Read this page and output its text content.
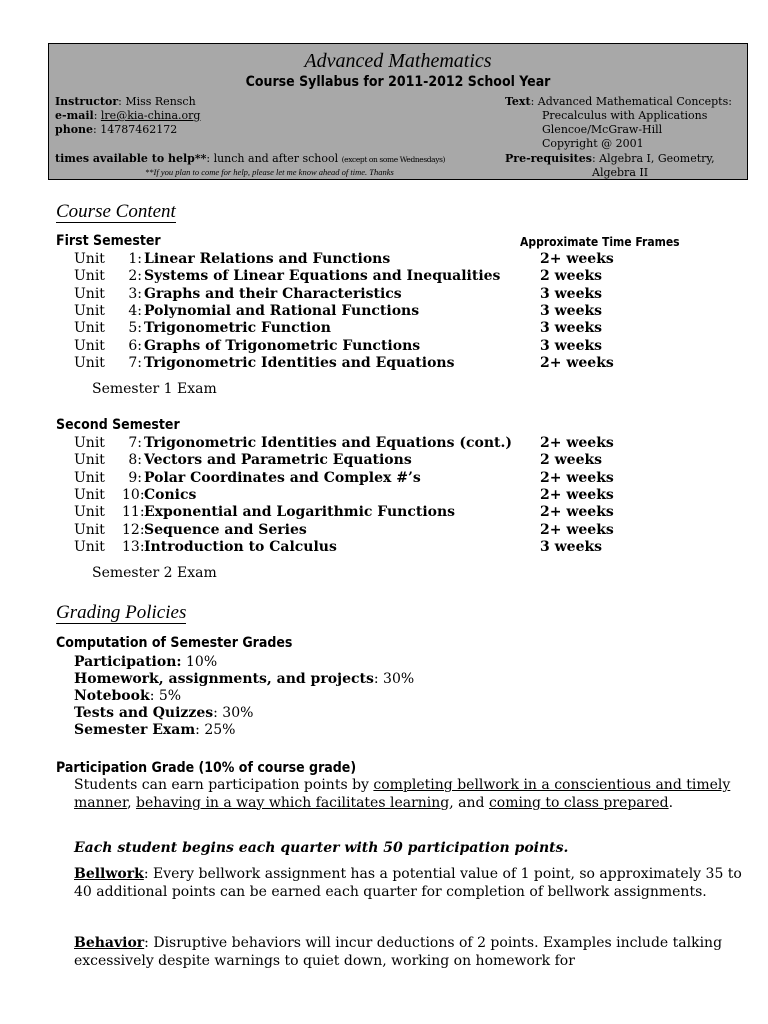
Advanced Mathematics
Course Syllabus for 2011-2012 School Year
Instructor: Miss Rensch
e-mail: lre@kia-china.org
phone: 14787462172
times available to help**: lunch and after school (except on some Wednesdays)
**If you plan to come for help, please let me know ahead of time. Thanks
Text: Advanced Mathematical Concepts:
Precalculus with Applications
Glencoe/McGraw-Hill
Copyright @ 2001
Pre-requisites: Algebra I, Geometry,
Algebra II
Course Content
First Semester	Approximate Time Frames
Unit	1: Linear Relations and Functions	2+ weeks
Unit	2: Systems of Linear Equations and Inequalities	2 weeks
Unit	3: Graphs and their Characteristics	3 weeks
Unit	4: Polynomial and Rational Functions	3 weeks
Unit	5: Trigonometric Function	3 weeks
Unit	6: Graphs of Trigonometric Functions	3 weeks
Unit	7: Trigonometric Identities and Equations	2+ weeks
Semester 1 Exam
Second Semester
Unit	7: Trigonometric Identities and Equations (cont.) 2+ weeks
Unit	8: Vectors and Parametric Equations	2 weeks
Unit	9: Polar Coordinates and Complex #’s	2+ weeks
Unit 10: Conics	2+ weeks
Unit 11: Exponential and Logarithmic Functions	2+ weeks
Unit 12: Sequence and Series	2+ weeks
Unit 13: Introduction to Calculus	3 weeks
Semester 2 Exam
Grading Policies
Computation of Semester Grades
Participation: 10%
Homework, assignments, and projects: 30%
Notebook: 5%
Tests and Quizzes: 30%
Semester Exam: 25%
Participation Grade (10% of course grade)
Students can earn participation points by completing bellwork in a conscientious and timely manner, behaving in a way which facilitates learning, and coming to class prepared.
Each student begins each quarter with 50 participation points.
Bellwork: Every bellwork assignment has a potential value of 1 point, so approximately 35 to 40 additional points can be earned each quarter for completion of bellwork assignments.
Behavior: Disruptive behaviors will incur deductions of 2 points. Examples include talking excessively despite warnings to quiet down, working on homework for
